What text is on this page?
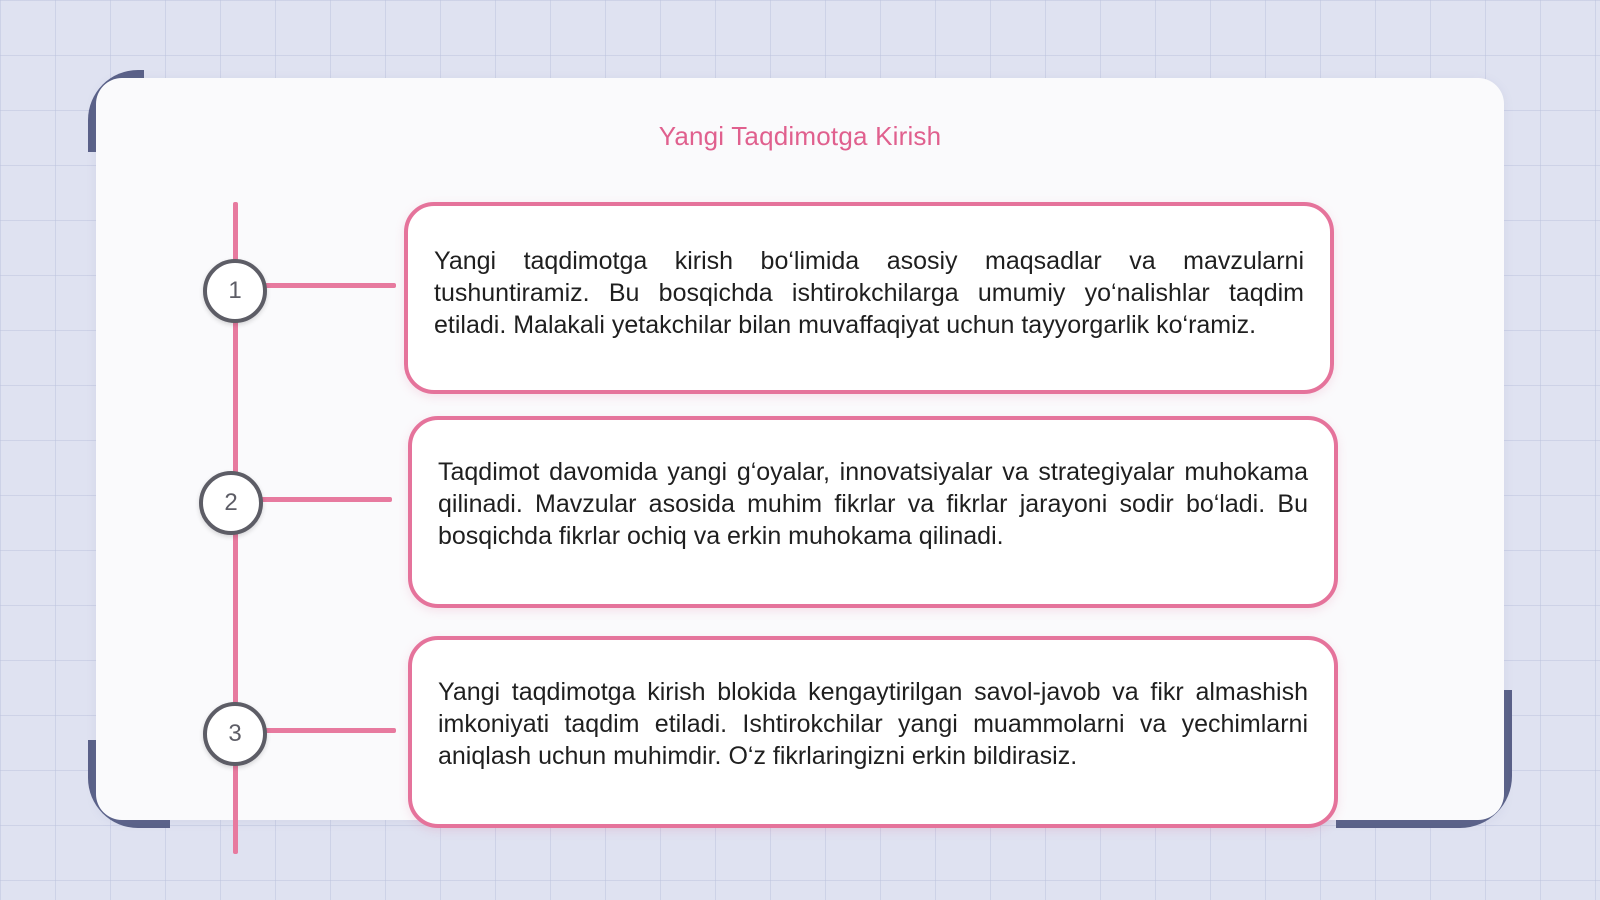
Yangi Taqdimotga Kirish
1
2
3

Yangi taqdimotga kirish bo‘limida asosiy maqsadlar va mavzularni tushuntiramiz. Bu bosqichda ishtirokchilarga umumiy yo‘nalishlar taqdim etiladi. Malakali yetakchilar bilan muvaffaqiyat uchun tayyorgarlik ko‘ramiz.

Taqdimot davomida yangi g‘oyalar, innovatsiyalar va strategiyalar muhokama qilinadi. Mavzular asosida muhim fikrlar va fikrlar jarayoni sodir bo‘ladi. Bu bosqichda fikrlar ochiq va erkin muhokama qilinadi.

Yangi taqdimotga kirish blokida kengaytirilgan savol-javob va fikr almashish imkoniyati taqdim etiladi. Ishtirokchilar yangi muammolarni va yechimlarni aniqlash uchun muhimdir. O‘z fikrlaringizni erkin bildirasiz.
